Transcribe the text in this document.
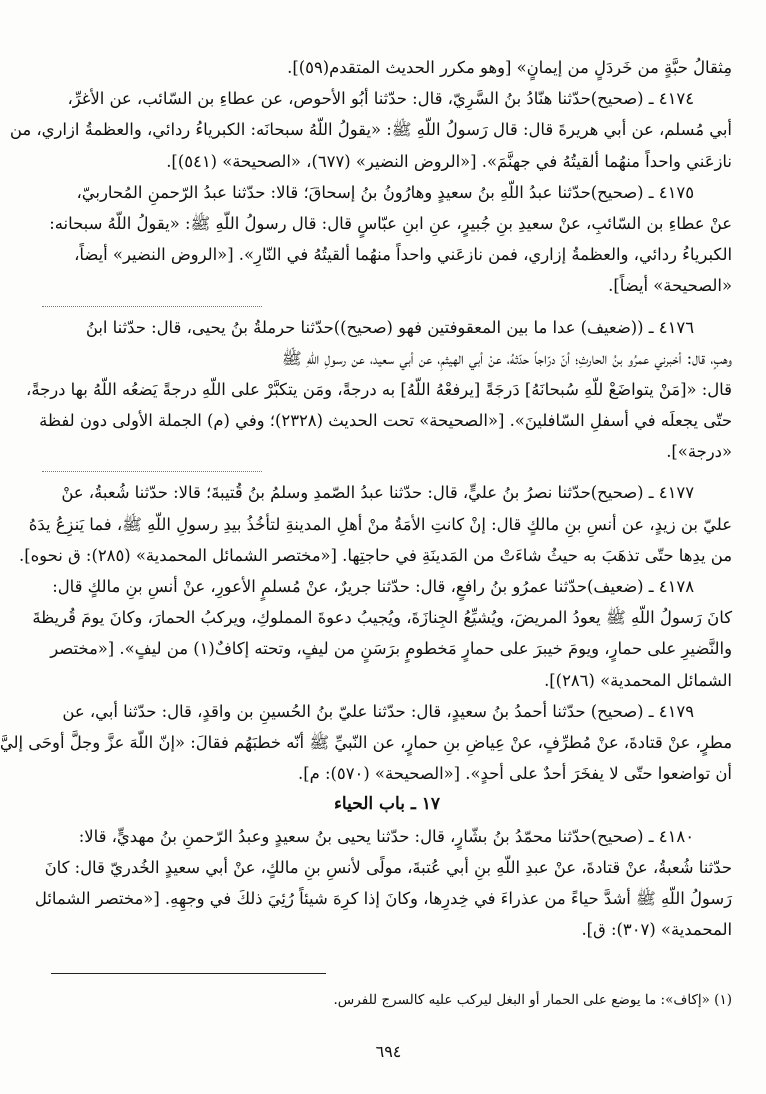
مِثقالُ حبَّةٍ من خَردَلٍ من إيمانٍ» [وهو مكرر الحديث المتقدم(٥٩)].
٤١٧٤ ـ (صحيح)حدّثنا هنّادُ بنُ السَّرِيّ، قال: حدّثنا أبُو الأحوص، عن عطاءِ بن السّائب، عن الأغرِّ،
أبي مُسلم، عن أبي هريرةَ قال: قال رَسولُ اللّهِ ﷺ: «يقولُ اللّهُ سبحانَه: الكبرياءُ ردائي، والعظمةُ ازاري، من
نازعَني واحداً منهُما ألقيتُهُ في جهنَّمَ». [«الروض النضير» (٦٧٧)، «الصحيحة» (٥٤١)].
٤١٧٥ ـ (صحيح)حدّثنا عبدُ اللّهِ بنُ سعيدٍ وهارُونُ بنُ إسحاقَ؛ قالا: حدّثنا عبدُ الرّحمنِ المُحاربيّ،
عنْ عطاءِ بن السّائبِ، عنْ سعيدِ بنِ جُبيرٍ، عنِ ابنِ عبّاسٍ قال: قال رسولُ اللّهِ ﷺ: «يقولُ اللّهُ سبحانه:
الكبرياءُ ردائي، والعظمةُ إزاري، فمن نازعَني واحداً منهُما ألقيتُهُ في النّارِ». [«الروض النضير» أيضاً،
«الصحيحة» أيضاً].
٤١٧٦ ـ ((ضعيف) عدا ما بين المعقوفتين فهو (صحيح))حدّثنا حرملةُ بنُ يحيى، قال: حدّثنا ابنُ
وهبٍ، قال: أخبرني عمرُو بنُ الحارثِ؛ أنّ درّاجاً حدّثهُ، عنْ أبي الهيثمِ، عن أبي سعيد، عن رسولِ اللّهِ ﷺ
قال: «[مَنْ يتواضَعْ للّهِ سُبحانَهُ] دَرجَةً [يرفعْهُ اللّهُ] به درجةً، ومَن يتكبَّرْ على اللّهِ درجةً يَضعُه اللّهُ بها درجةً،
حتّى يجعلَه في أسفلِ السّافلينَ». [«الصحيحة» تحت الحديث (٢٣٢٨)؛ وفي (م) الجملة الأولى دون لفظة
«درجة»].
٤١٧٧ ـ (صحيح)حدّثنا نصرُ بنُ عليٍّ، قال: حدّثنا عبدُ الصّمدِ وسلمُ بنُ قُتيبةَ؛ قالا: حدّثنا شُعبةُ، عنْ
عليّ بن زيدٍ، عن أنسِ بنِ مالكٍ قال: إنْ كانتِ الأمَةُ منْ أهلِ المدينةِ لتأخُذُ بيدِ رسولِ اللّهِ ﷺ، فما يَنزِعُ يدَهُ
من يدِها حتّى تذهَبَ به حيثُ شاءَتْ من المَدينَةِ في حاجتِها. [«مختصر الشمائل المحمدية» (٢٨٥): ق نحوه].
٤١٧٨ ـ (ضعيف)حدّثنا عمرُو بنُ رافعٍ، قال: حدّثنا جريرٌ، عنْ مُسلمٍ الأعورِ، عنْ أنسِ بنِ مالكٍ قال:
كانَ رَسولُ اللّهِ ﷺ يعودُ المريضَ، ويُشيِّعُ الجِنازَةَ، ويُجيبُ دعوةَ المملوكِ، ويركبُ الحمارَ، وكانَ يومَ قُريظةَ
والنَّضيرِ على حمارٍ، ويومَ خيبرَ على حمارٍ مَخطومٍ برَسَنٍ من ليفٍ، وتحته إكافٌ(١) من ليفٍ». [«مختصر
الشمائل المحمدية» (٢٨٦)].
٤١٧٩ ـ (صحيح) حدّثنا أحمدُ بنُ سعيدٍ، قال: حدّثنا عليّ بنُ الحُسينِ بن واقدٍ، قال: حدّثنا أبي، عن
مطرٍ، عنْ قتادةَ، عنْ مُطرِّفٍ، عنْ عِياضِ بنِ حمارٍ، عن النّبيِّ ﷺ أنّه خطبَهُم فقالَ: «إنّ اللّهَ عزَّ وجلَّ أوحَى إليَّ
أن تواضعوا حتّى لا يفخَرَ أحدٌ على أحدٍ». [«الصحيحة» (٥٧٠): م].
١٧ ـ باب الحياء
٤١٨٠ ـ (صحيح)حدّثنا محمّدُ بنُ بشّارٍ، قال: حدّثنا يحيى بنُ سعيدٍ وعبدُ الرّحمنِ بنُ مهديٍّ، قالا:
حدّثنا شُعبةُ، عنْ قتادةَ، عنْ عبدِ اللّهِ بنِ أبي عُتبةَ، مولًى لأنسِ بنِ مالكٍ، عنْ أبي سعيدٍ الخُدريّ قال: كانَ
رَسولُ اللّهِ ﷺ أشدَّ حياءً من عذراءَ في خِدرِها، وكانَ إذا كرِهَ شيئاً رُئِيَ ذلكَ في وجهِهِ. [«مختصر الشمائل
المحمدية» (٣٠٧): ق].
(١) «إكاف»: ما يوضع على الحمار أو البغل ليركب عليه كالسرج للفرس.
٦٩٤
